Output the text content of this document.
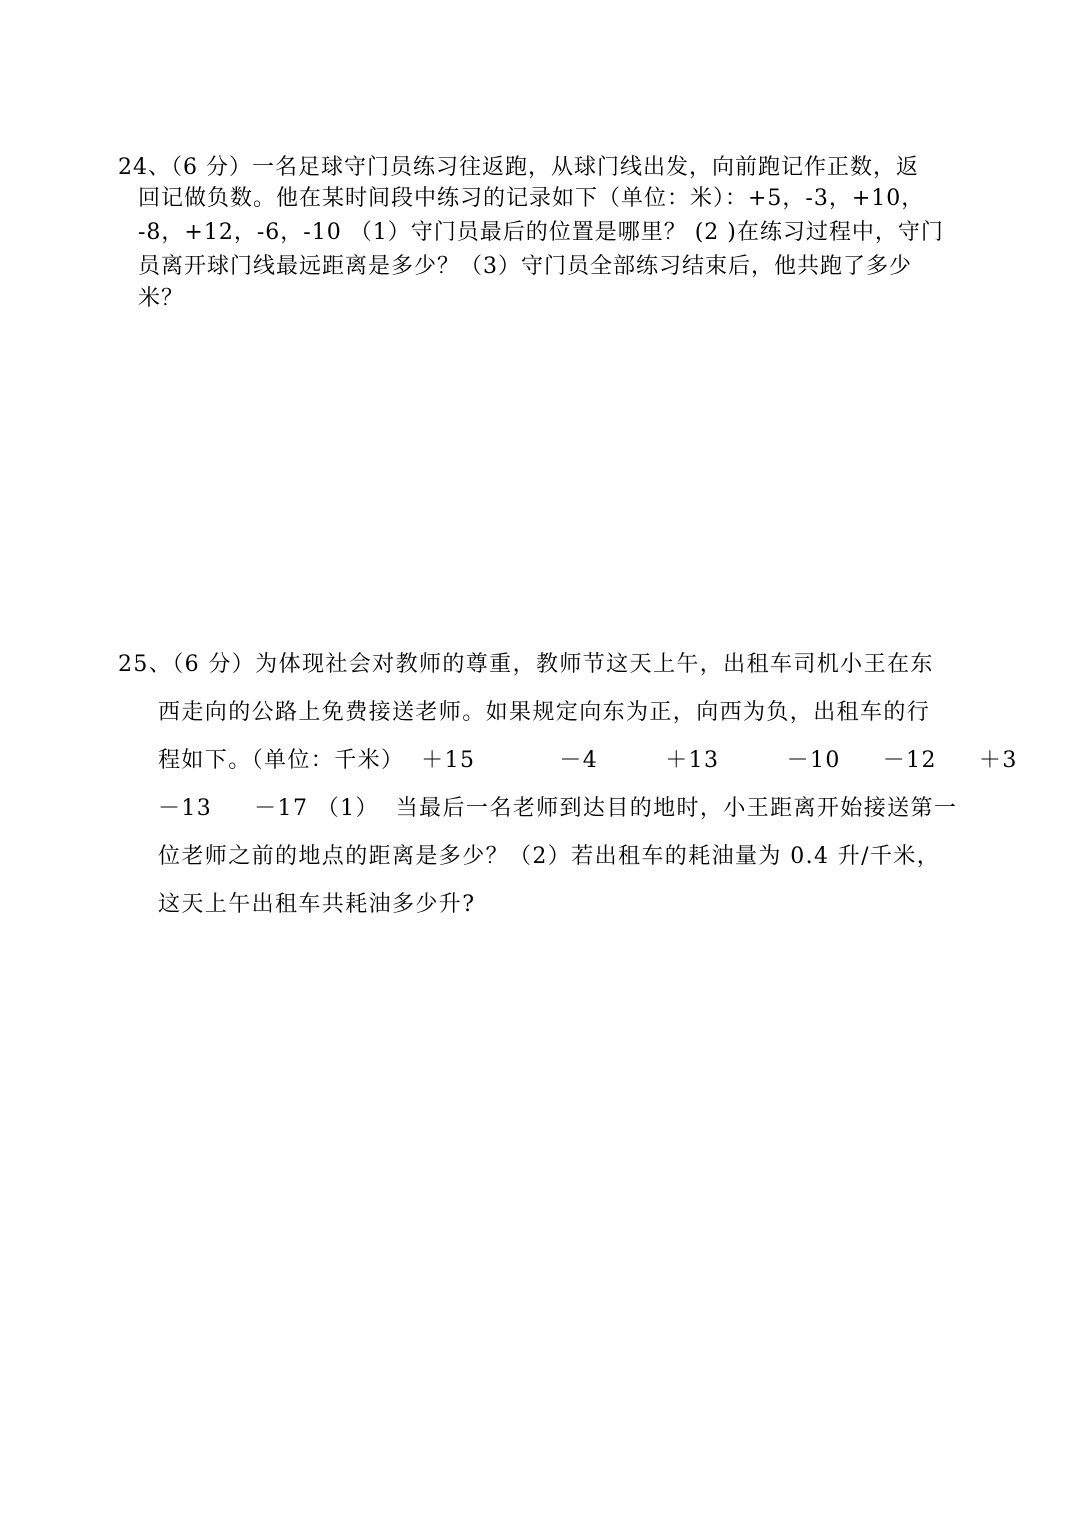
24、（6 分）一名足球守门员练习往返跑，从球门线出发，向前跑记作正数，返
回记做负数。他在某时间段中练习的记录如下（单位：米）：+5，-3，+10，
-8，+12，-6，-10 （1）守门员最后的位置是哪里？ (2 )在练习过程中，守门
员离开球门线最远距离是多少？（3）守门员全部练习结束后，他共跑了多少
米？
25、（6 分）为体现社会对教师的尊重，教师节这天上午，出租车司机小王在东
西走向的公路上免费接送老师。如果规定向东为正，向西为负，出租车的行
程如下。（单位：千米）  ＋15          －4        ＋13        －10     －12     ＋3
－13     －17 （1）  当最后一名老师到达目的地时，小王距离开始接送第一
位老师之前的地点的距离是多少？（2）若出租车的耗油量为 0.4 升/千米，
这天上午出租车共耗油多少升?
